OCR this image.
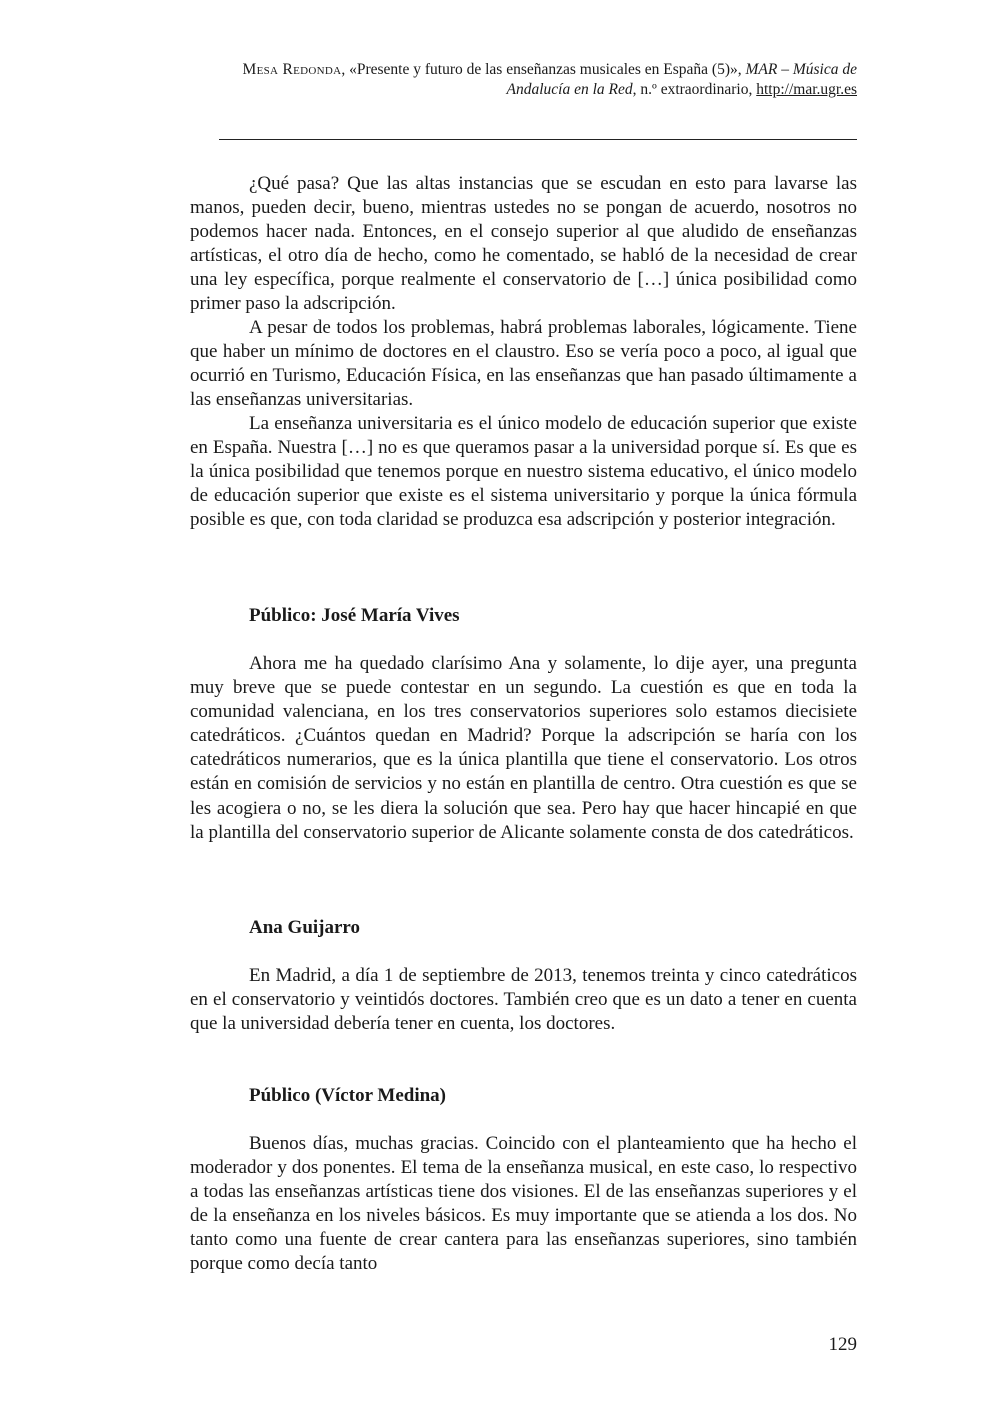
Mesa Redonda, «Presente y futuro de las enseñanzas musicales en España (5)», MAR – Música de
Andalucía en la Red, n.º extraordinario, http://mar.ugr.es

¿Qué pasa? Que las altas instancias que se escudan en esto para lavarse las manos, pueden decir, bueno, mientras ustedes no se pongan de acuerdo, nosotros no podemos hacer nada. Entonces, en el consejo superior al que aludido de enseñanzas artísticas, el otro día de hecho, como he comentado, se habló de la necesidad de crear una ley específica, porque realmente el conservatorio de […] única posibilidad como primer paso la adscripción.

A pesar de todos los problemas, habrá problemas laborales, lógicamente. Tiene que haber un mínimo de doctores en el claustro. Eso se vería poco a poco, al igual que ocurrió en Turismo, Educación Física, en las enseñanzas que han pasado últimamente a las enseñanzas universitarias.

La enseñanza universitaria es el único modelo de educación superior que existe en España. Nuestra […] no es que queramos pasar a la universidad porque sí. Es que es la única posibilidad que tenemos porque en nuestro sistema educativo, el único modelo de educación superior que existe es el sistema universitario y porque la única fórmula posible es que, con toda claridad se produzca esa adscripción y posterior integración.

Público: José María Vives

Ahora me ha quedado clarísimo Ana y solamente, lo dije ayer, una pregunta muy breve que se puede contestar en un segundo. La cuestión es que en toda la comunidad valenciana, en los tres conservatorios superiores solo estamos diecisiete catedráticos. ¿Cuántos quedan en Madrid? Porque la adscripción se haría con los catedráticos numerarios, que es la única plantilla que tiene el conservatorio. Los otros están en comisión de servicios y no están en plantilla de centro. Otra cuestión es que se les acogiera o no, se les diera la solución que sea. Pero hay que hacer hincapié en que la plantilla del conservatorio superior de Alicante solamente consta de dos catedráticos.

Ana Guijarro

En Madrid, a día 1 de septiembre de 2013, tenemos treinta y cinco catedráticos en el conservatorio y veintidós doctores. También creo que es un dato a tener en cuenta que la universidad debería tener en cuenta, los doctores.

Público (Víctor Medina)

Buenos días, muchas gracias. Coincido con el planteamiento que ha hecho el moderador y dos ponentes. El tema de la enseñanza musical, en este caso, lo respectivo a todas las enseñanzas artísticas tiene dos visiones. El de las enseñanzas superiores y el de la enseñanza en los niveles básicos. Es muy importante que se atienda a los dos. No tanto como una fuente de crear cantera para las enseñanzas superiores, sino también porque como decía tanto

129
